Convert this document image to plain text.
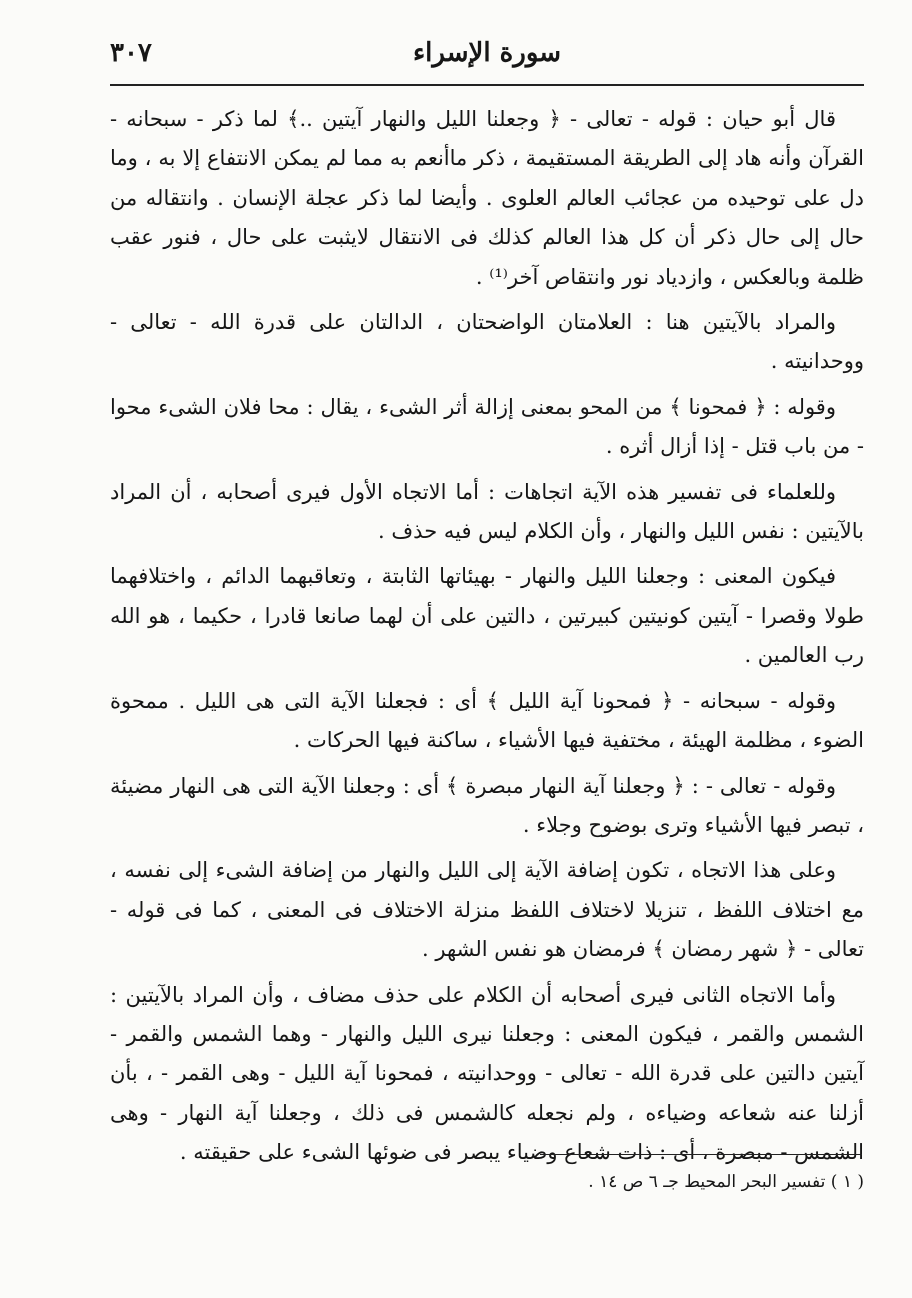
٣٠٧	سورة الإسراء

قال أبو حيان : قوله - تعالى - ﴿ وجعلنا الليل والنهار آيتين ..﴾ لما ذكر - سبحانه - القرآن وأنه هاد إلى الطريقة المستقيمة ، ذكر ماأنعم به مما لم يمكن الانتفاع إلا به ، وما دل على توحيده من عجائب العالم العلوى . وأيضا لما ذكر عجلة الإنسان . وانتقاله من حال إلى حال ذكر أن كل هذا العالم كذلك فى الانتقال لايثبت على حال ، فنور عقب ظلمة وبالعكس ، وازدياد نور وانتقاص آخر⁽¹⁾ .

والمراد بالآيتين هنا : العلامتان الواضحتان ، الدالتان على قدرة الله - تعالى - ووحدانيته .

وقوله : ﴿ فمحونا ﴾ من المحو بمعنى إزالة أثر الشىء ، يقال : محا فلان الشىء محوا - من باب قتل - إذا أزال أثره .

وللعلماء فى تفسير هذه الآية اتجاهات : أما الاتجاه الأول فيرى أصحابه ، أن المراد بالآيتين : نفس الليل والنهار ، وأن الكلام ليس فيه حذف .

فيكون المعنى : وجعلنا الليل والنهار - بهيئاتها الثابتة ، وتعاقبهما الدائم ، واختلافهما طولا وقصرا - آيتين كونيتين كبيرتين ، دالتين على أن لهما صانعا قادرا ، حكيما ، هو الله رب العالمين .

وقوله - سبحانه - ﴿ فمحونا آية الليل ﴾ أى : فجعلنا الآية التى هى الليل . ممحوة الضوء ، مظلمة الهيئة ، مختفية فيها الأشياء ، ساكنة فيها الحركات .

وقوله - تعالى - : ﴿ وجعلنا آية النهار مبصرة ﴾ أى : وجعلنا الآية التى هى النهار مضيئة ، تبصر فيها الأشياء وترى بوضوح وجلاء .

وعلى هذا الاتجاه ، تكون إضافة الآية إلى الليل والنهار من إضافة الشىء إلى نفسه ، مع اختلاف اللفظ ، تنزيلا لاختلاف اللفظ منزلة الاختلاف فى المعنى ، كما فى قوله - تعالى - ﴿ شهر رمضان ﴾ فرمضان هو نفس الشهر .

وأما الاتجاه الثانى فيرى أصحابه أن الكلام على حذف مضاف ، وأن المراد بالآيتين : الشمس والقمر ، فيكون المعنى : وجعلنا نيرى الليل والنهار - وهما الشمس والقمر - آيتين دالتين على قدرة الله - تعالى - ووحدانيته ، فمحونا آية الليل - وهى القمر - ، بأن أزلنا عنه شعاعه وضياءه ، ولم نجعله كالشمس فى ذلك ، وجعلنا آية النهار - وهى الشمس - مبصرة ، أى : ذات شعاع وضياء يبصر فى ضوئها الشىء على حقيقته .

( ١ ) تفسير البحر المحيط جـ ٦ ص ١٤ .
